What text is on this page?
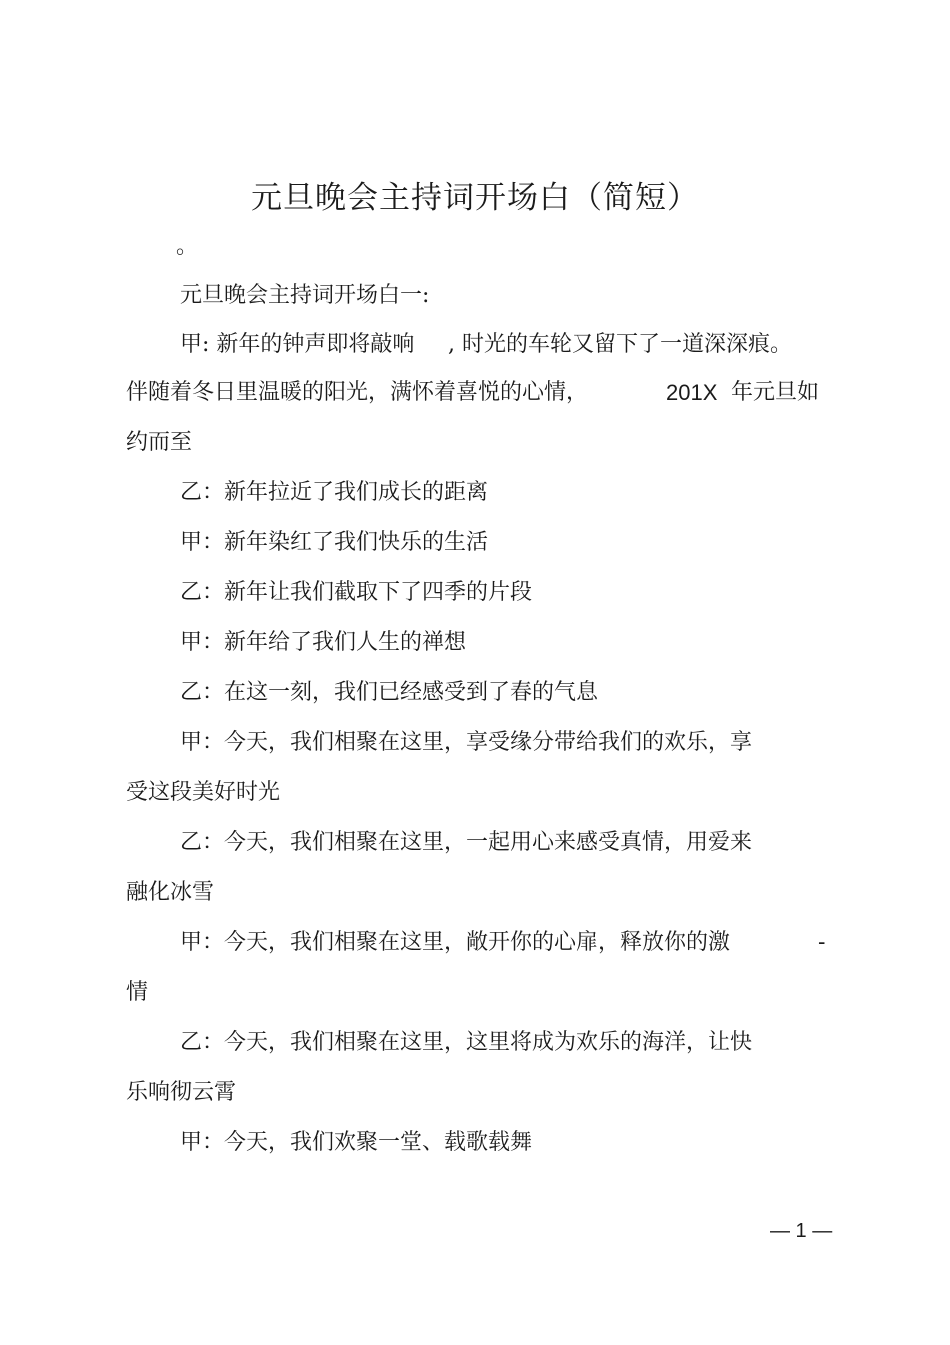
元旦晚会主持词开场白（简短）
。
元旦晚会主持词开场白一:
甲: 新年的钟声即将敲响 , 时光的车轮又留下了一道深深痕。
伴随着冬日里温暖的阳光，满怀着喜悦的心情，	201X 年元旦如
约而至
乙：新年拉近了我们成长的距离
甲：新年染红了我们快乐的生活
乙：新年让我们截取下了四季的片段
甲：新年给了我们人生的禅想
乙：在这一刻，我们已经感受到了春的气息
甲：今天，我们相聚在这里，享受缘分带给我们的欢乐，享
受这段美好时光
乙：今天，我们相聚在这里，一起用心来感受真情，用爱来
融化冰雪
甲：今天，我们相聚在这里，敞开你的心扉，释放你的激	-
情
乙：今天，我们相聚在这里，这里将成为欢乐的海洋，让快
乐响彻云霄
甲：今天，我们欢聚一堂、载歌载舞
— 1 —
